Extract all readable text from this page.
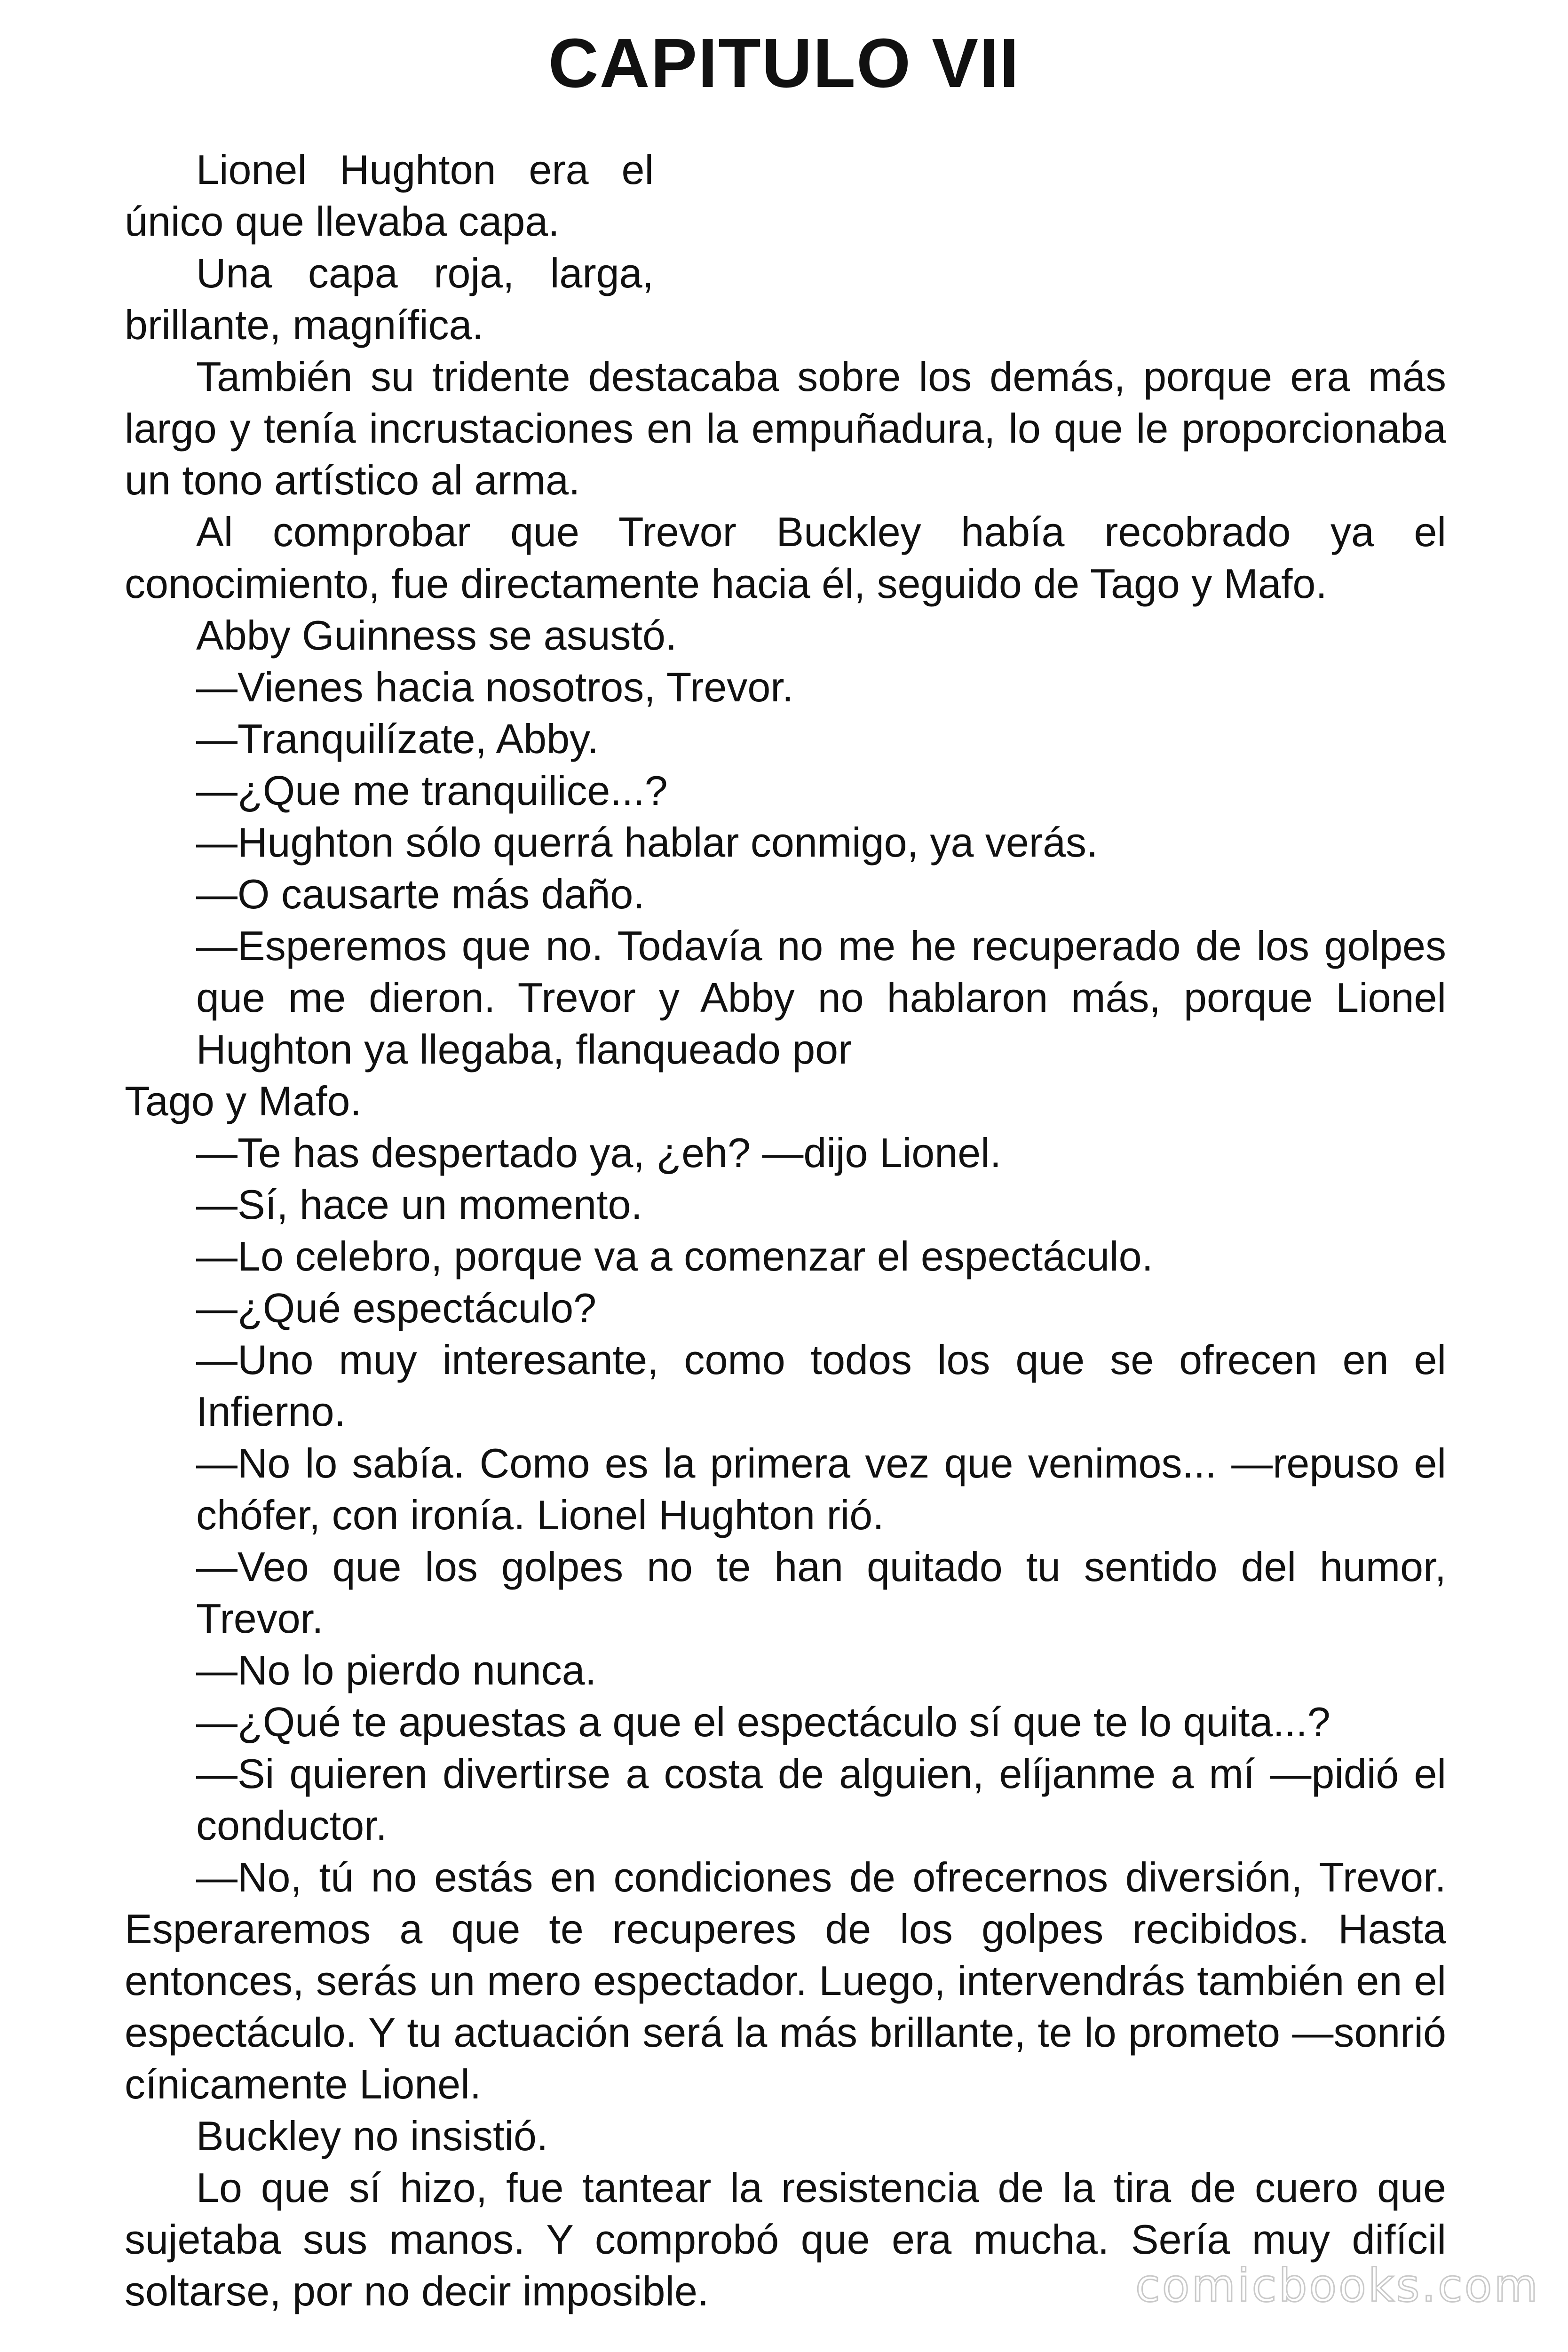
CAPITULO VII

Lionel Hughton era el único que llevaba capa.

Una capa roja, larga, brillante, magnífica.

También su tridente destacaba sobre los demás, porque era más largo y tenía incrustaciones en la empuñadura, lo que le proporcionaba un tono artístico al arma.

Al comprobar que Trevor Buckley había recobrado ya el conocimiento, fue directamente hacia él, seguido de Tago y Mafo.

Abby Guinness se asustó.

—Vienes hacia nosotros, Trevor.

—Tranquilízate, Abby.

—¿Que me tranquilice...?

—Hughton sólo querrá hablar conmigo, ya verás.

—O causarte más daño.

—Esperemos que no. Todavía no me he recuperado de los golpes que me dieron. Trevor y Abby no hablaron más, porque Lionel Hughton ya llegaba, flanqueado por

Tago y Mafo.

—Te has despertado ya, ¿eh? —dijo Lionel.

—Sí, hace un momento.

—Lo celebro, porque va a comenzar el espectáculo.

—¿Qué espectáculo?

—Uno muy interesante, como todos los que se ofrecen en el Infierno.

—No lo sabía. Como es la primera vez que venimos... —repuso el chófer, con ironía. Lionel Hughton rió.

—Veo que los golpes no te han quitado tu sentido del humor, Trevor.

—No lo pierdo nunca.

—¿Qué te apuestas a que el espectáculo sí que te lo quita...?

—Si quieren divertirse a costa de alguien, elíjanme a mí —pidió el conductor.

—No, tú no estás en condiciones de ofrecernos diversión, Trevor. Esperaremos a que te recuperes de los golpes recibidos. Hasta entonces, serás un mero espectador. Luego, intervendrás también en el espectáculo. Y tu actuación será la más brillante, te lo prometo —sonrió cínicamente Lionel.

Buckley no insistió.

Lo que sí hizo, fue tantear la resistencia de la tira de cuero que sujetaba sus manos. Y comprobó que era mucha. Sería muy difícil soltarse, por no decir imposible.	comicbooks.com
